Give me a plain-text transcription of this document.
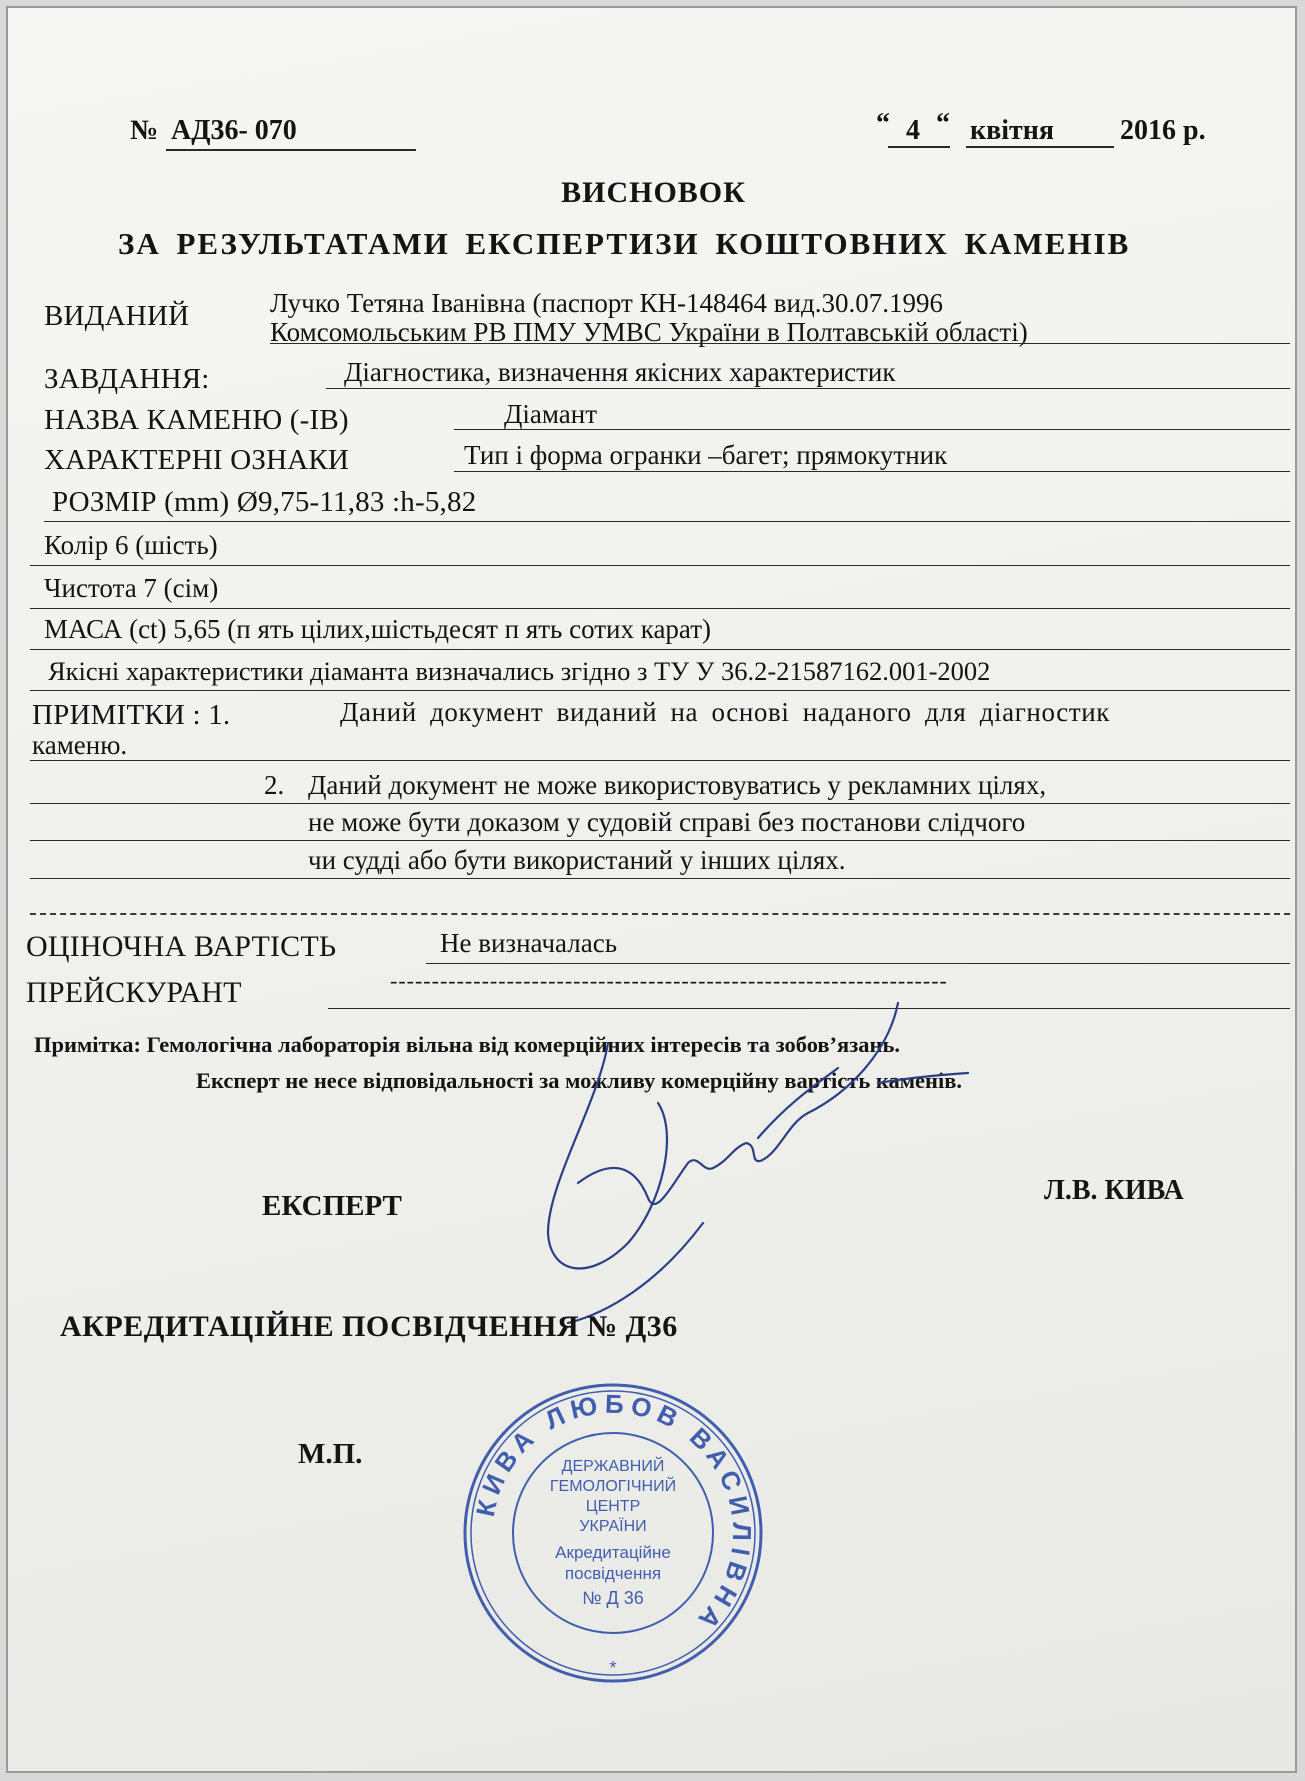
№ АД36- 070	“ 4 “ квітня 2016 р.
ВИСНОВОК
ЗА РЕЗУЛЬТАТАМИ ЕКСПЕРТИЗИ КОШТОВНИХ КАМЕНІВ
ВИДАНИЙ	Лучко Тетяна Іванівна (паспорт КН-148464 вид.30.07.1996
Комсомольським РВ ПМУ УМВС України в Полтавській області)
ЗАВДАННЯ:	Діагностика, визначення якісних характеристик
НАЗВА КАМЕНЮ (-ІВ)	Діамант
ХАРАКТЕРНІ ОЗНАКИ	Тип і форма огранки –багет; прямокутник
РОЗМІР (mm) Ø9,75-11,83 :h-5,82
Колір 6 (шість)
Чистота 7 (сім)
МАСА (ct) 5,65 (п ять цілих,шістьдесят п ять сотих карат)
Якісні характеристики діаманта визначались згідно з ТУ У 36.2-21587162.001-2002
ПРИМІТКИ : 1.	Даний документ виданий на основі наданого для діагностик
каменю.
2. Даний документ не може використовуватись у рекламних цілях,
не може бути доказом у судовій справі без постанови слідчого
чи судді або бути використаний у інших цілях.
ОЦІНОЧНА ВАРТІСТЬ	Не визначалась
ПРЕЙСКУРАНТ	-------------------------------------------------------------------
Примітка: Гемологічна лабораторія вільна від комерційних інтересів та зобов’язань.
Експерт не несе відповідальності за можливу комерційну вартість каменів.
ЕКСПЕРТ	Л.В. КИВА
АКРЕДИТАЦІЙНЕ ПОСВІДЧЕННЯ № Д36
М.П.
КИВА ЛЮБОВ ВАСИЛІВНА
ДЕРЖАВНИЙ
ГЕМОЛОГІЧНИЙ
ЦЕНТР
УКРАЇНИ
Акредитаційне
посвідчення
№ Д 36
*
